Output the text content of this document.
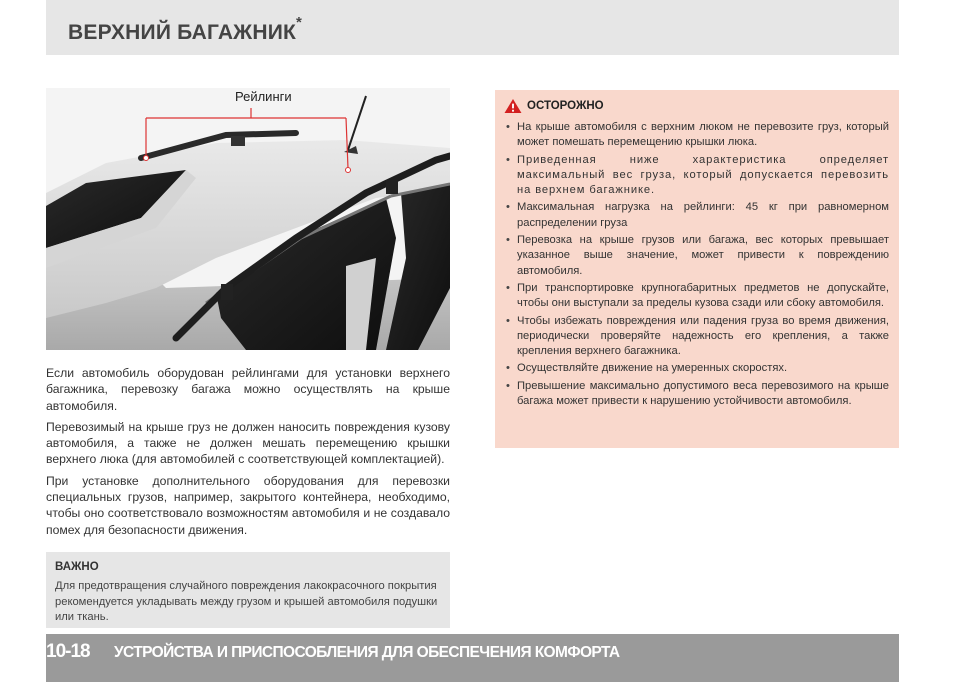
ВЕРХНИЙ БАГАЖНИК*
Рейлинги

Если автомобиль оборудован рейлингами для установки верхнего багажника, перевозку багажа можно осуществлять на крыше автомобиля.

Перевозимый на крыше груз не должен наносить повреждения кузову автомобиля, а также не должен мешать перемещению крышки верхнего люка (для автомобилей с соответствующей комплектацией).

При установке дополнительного оборудования для перевозки специальных грузов, например, закрытого контейнера, необходимо, чтобы оно соответствовало возможностям автомобиля и не создавало помех для безопасности движения.

ВАЖНО
Для предотвращения случайного повреждения лакокрасочного покрытия рекомендуется укладывать между грузом и крышей автомобиля подушки или ткань.
ОСТОРОЖНО
• На крыше автомобиля с верхним люком не перевозите груз, который может помешать перемещению крышки люка.
• Приведенная ниже характеристика определяет максимальный вес груза, который допускается перевозить на верхнем багажнике.
• Максимальная нагрузка на рейлинги: 45 кг при равномерном распределении груза
• Перевозка на крыше грузов или багажа, вес которых превышает указанное выше значение, может привести к повреждению автомобиля.
• При транспортировке крупногабаритных предметов не допускайте, чтобы они выступали за пределы кузова сзади или сбоку автомобиля.
• Чтобы избежать повреждения или падения груза во время движения, периодически проверяйте надежность его крепления, а также крепления верхнего багажника.
• Осуществляйте движение на умеренных скоростях.
• Превышение максимально допустимого веса перевозимого на крыше багажа может привести к нарушению устойчивости автомобиля.
10-18 УСТРОЙСТВА И ПРИСПОСОБЛЕНИЯ ДЛЯ ОБЕСПЕЧЕНИЯ КОМФОРТА
